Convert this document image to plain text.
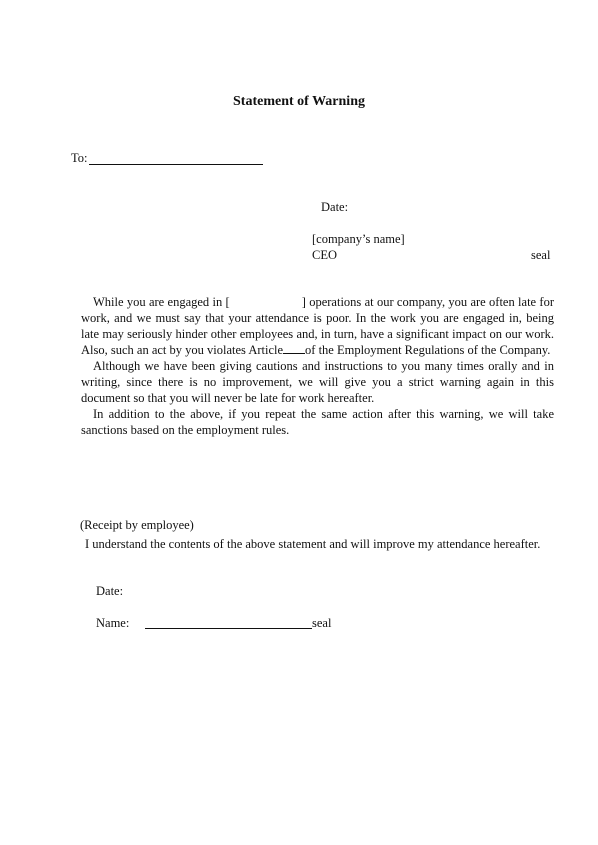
Statement of Warning
To:
Date:
[company’s name]
CEO	seal

While you are engaged in [	] operations at our company, you are often late for work, and we must say that your attendance is poor. In the work you are engaged in, being late may seriously hinder other employees and, in turn, have a significant impact on our work. Also, such an act by you violates Article of the Employment Regulations of the Company.

Although we have been giving cautions and instructions to you many times orally and in writing, since there is no improvement, we will give you a strict warning again in this document so that you will never be late for work hereafter.

In addition to the above, if you repeat the same action after this warning, we will take sanctions based on the employment rules.

(Receipt by employee)

I understand the contents of the above statement and will improve my attendance hereafter.

Date:
Name:	seal
